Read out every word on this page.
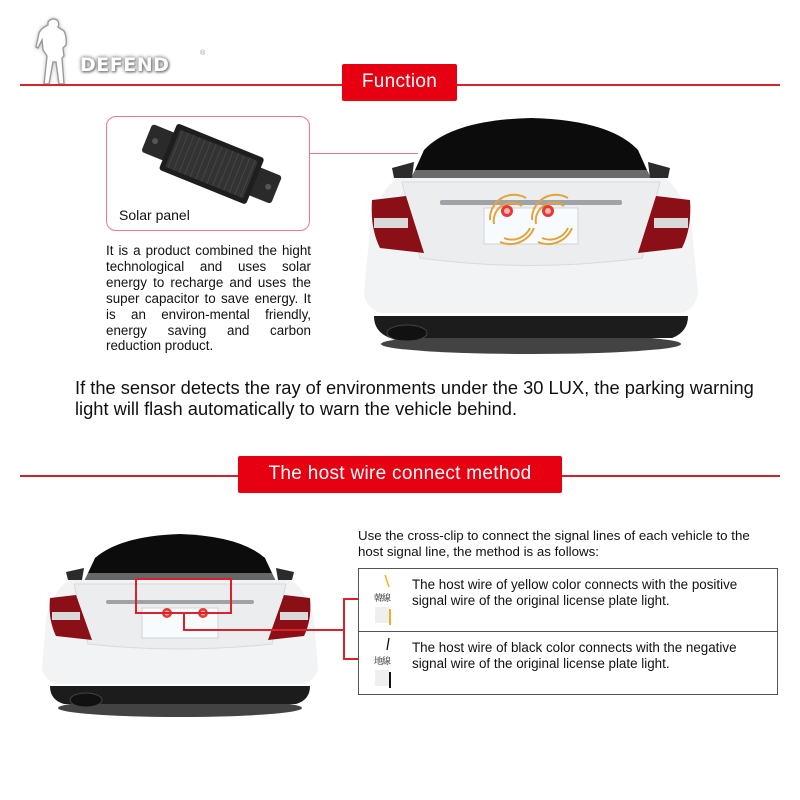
DEFEND
®
Function
Solar panel
It is a product combined the hight technological and uses solar energy to recharge and uses the super capacitor to save energy. It is an environ-mental friendly, energy saving and carbon reduction product.
If the sensor detects the ray of environments under the 30 LUX, the parking warning light will flash automatically to warn the vehicle behind.
The host wire connect method
Use the cross-clip to connect the signal lines of each vehicle to the host signal line, the method is as follows:
韓線
The host wire of yellow color connects with the positive signal wire of the original license plate light.
地線
The host wire of black color connects with the negative signal wire of the original license plate light.
